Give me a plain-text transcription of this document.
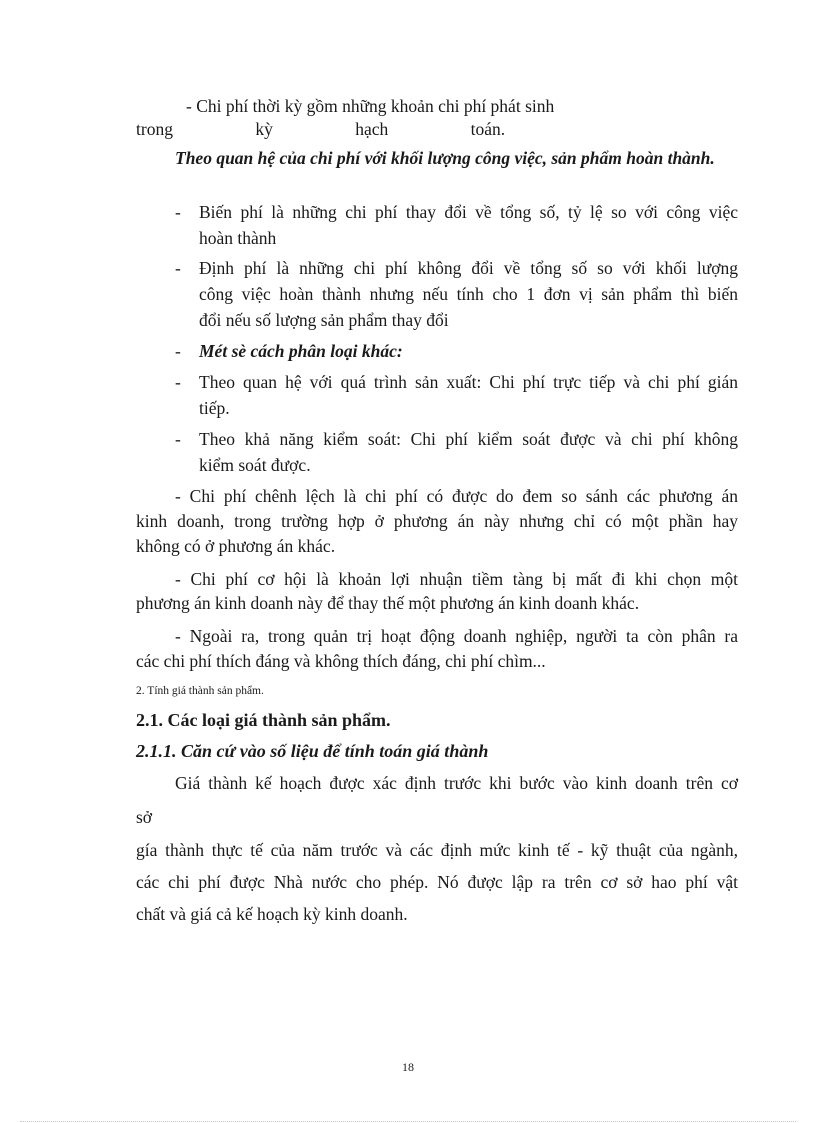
- Chi phí thời kỳ gồm những khoản chi phí phát sinh
trong kỳ hạch toán.
Theo quan hệ của chi phí với khối lượng công việc, sản phẩm hoàn thành.
- Biến phí là những chi phí thay đổi về tổng số, tỷ lệ so với công việc
hoàn thành
- Định phí là những chi phí không đổi về tổng số so với khối lượng
công việc hoàn thành nhưng nếu tính cho 1 đơn vị sản phẩm thì biến
đổi nếu số lượng sản phẩm thay đổi
- Mét sè cách phân loại khác:
- Theo quan hệ với quá trình sản xuất: Chi phí trực tiếp và chi phí gián
tiếp.
- Theo khả năng kiểm soát: Chi phí kiểm soát được và chi phí không
kiểm soát được.
- Chi phí chênh lệch là chi phí có được do đem so sánh các phương án
kinh doanh, trong trường hợp ở phương án này nhưng chỉ có một phần hay
không có ở phương án khác.
- Chi phí cơ hội là khoản lợi nhuận tiềm tàng bị mất đi khi chọn một
phương án kinh doanh này để thay thế một phương án kinh doanh khác.
- Ngoài ra, trong quản trị hoạt động doanh nghiệp, người ta còn phân ra
các chi phí thích đáng và không thích đáng, chi phí chìm...
2. Tính giá thành sản phẩm.
2.1. Các loại giá thành sản phẩm.
2.1.1. Căn cứ vào số liệu để tính toán giá thành
Giá thành kế hoạch được xác định trước khi bước vào kinh doanh trên cơ
sở
gía thành thực tế của năm trước và các định mức kinh tế - kỹ thuật của ngành,
các chi phí được Nhà nước cho phép. Nó được lập ra trên cơ sở hao phí vật
chất và giá cả kế hoạch kỳ kinh doanh.
18
